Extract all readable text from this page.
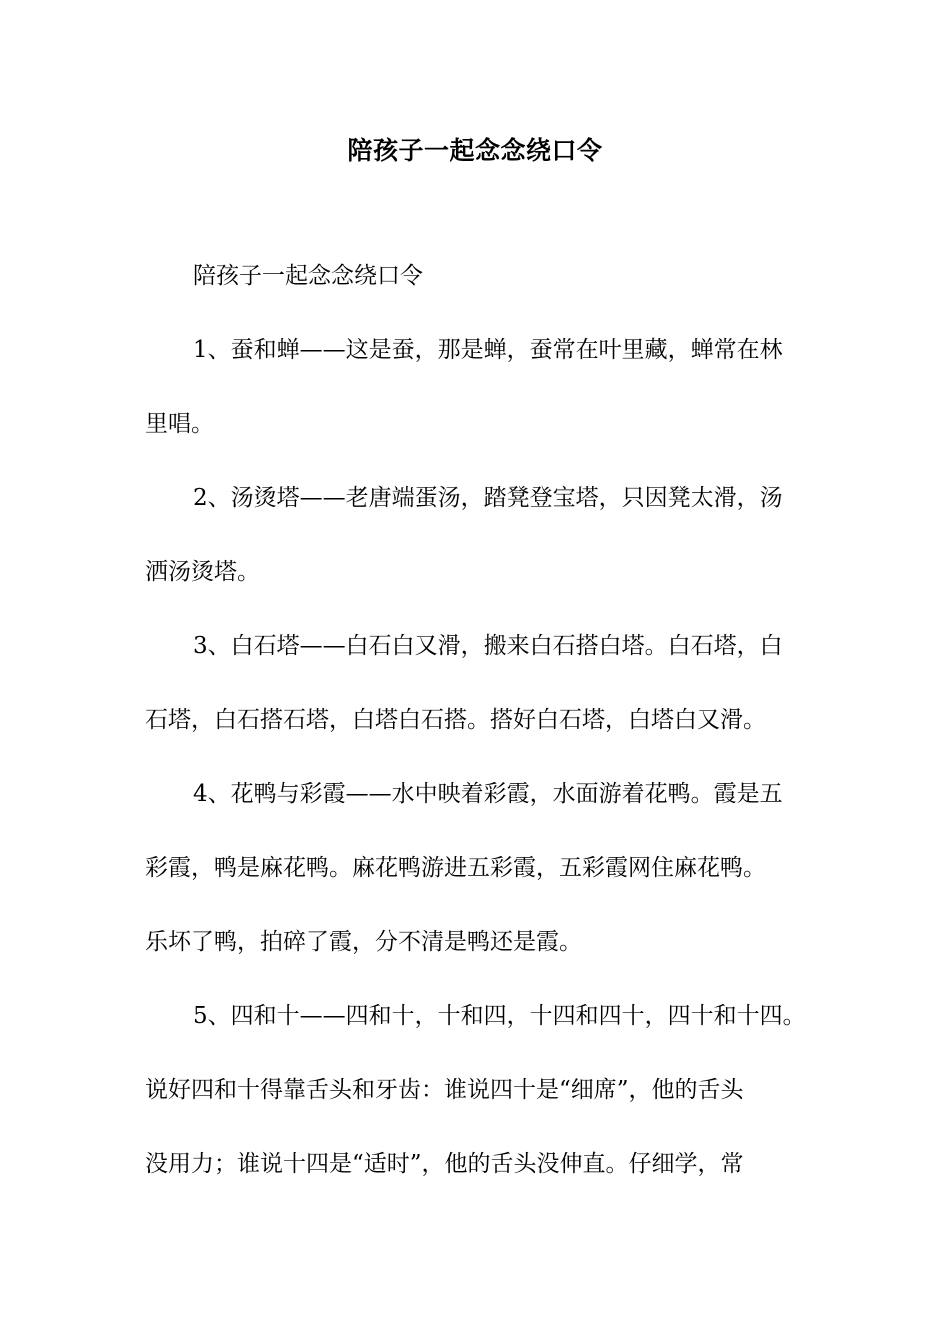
陪孩子一起念念绕口令
陪孩子一起念念绕口令
1、蚕和蝉——这是蚕，那是蝉，蚕常在叶里藏，蝉常在林
里唱。
2、汤烫塔——老唐端蛋汤，踏凳登宝塔，只因凳太滑，汤
洒汤烫塔。
3、白石塔——白石白又滑，搬来白石搭白塔。白石塔，白
石塔，白石搭石塔，白塔白石搭。搭好白石塔，白塔白又滑。
4、花鸭与彩霞——水中映着彩霞，水面游着花鸭。霞是五
彩霞，鸭是麻花鸭。麻花鸭游进五彩霞，五彩霞网住麻花鸭。
乐坏了鸭，拍碎了霞，分不清是鸭还是霞。
5、四和十——四和十，十和四，十四和四十，四十和十四。
说好四和十得靠舌头和牙齿：谁说四十是“细席”，他的舌头
没用力；谁说十四是“适时”，他的舌头没伸直。仔细学，常
